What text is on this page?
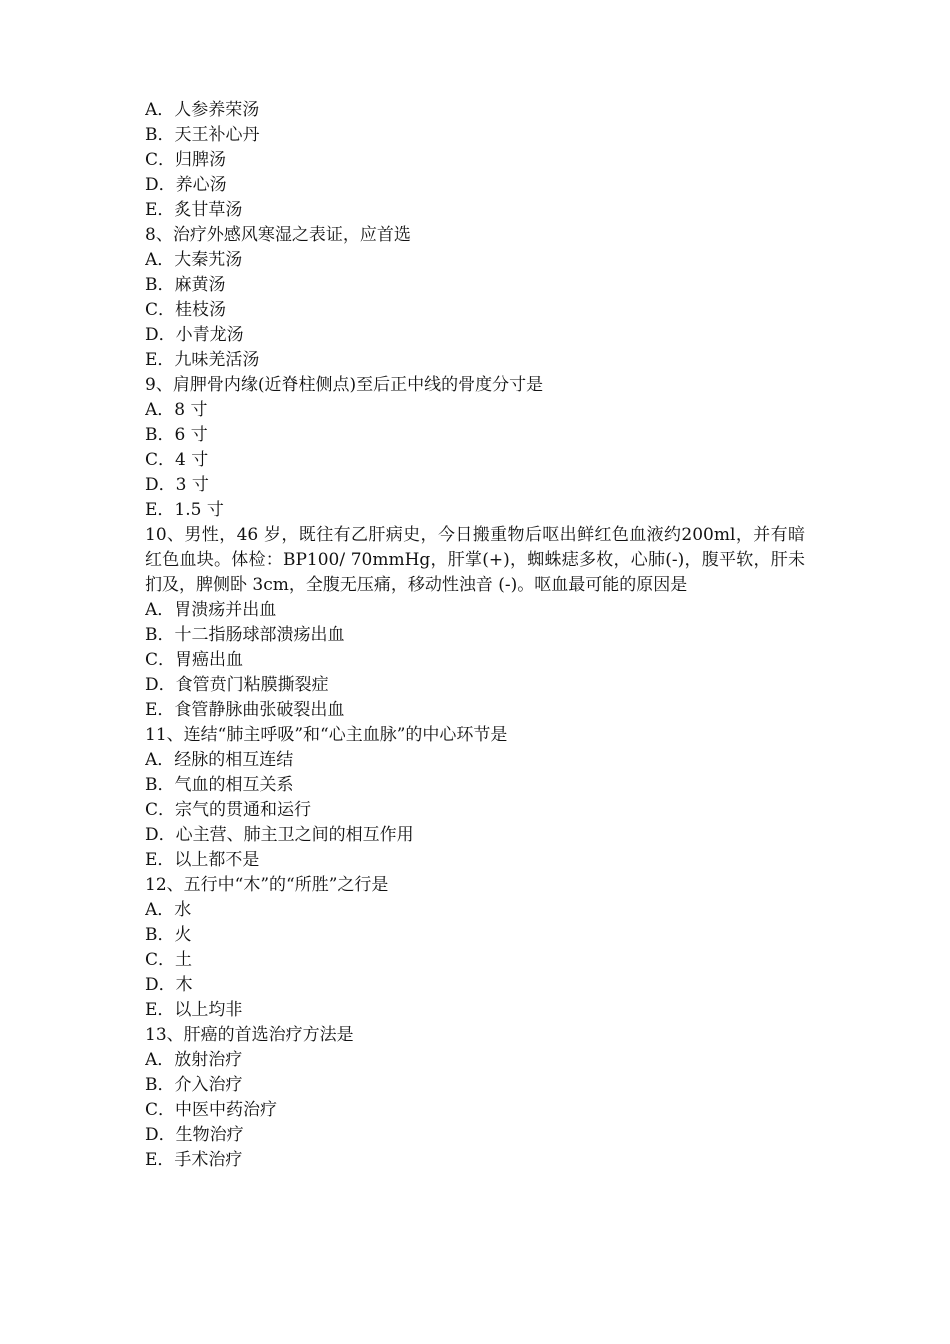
A．人参养荣汤
B．天王补心丹
C．归脾汤
D．养心汤
E．炙甘草汤
8、治疗外感风寒湿之表证，应首选
A．大秦艽汤
B．麻黄汤
C．桂枝汤
D．小青龙汤
E．九味羌活汤
9、肩胛骨内缘(近脊柱侧点)至后正中线的骨度分寸是
A．8 寸
B．6 寸
C．4 寸
D．3 寸
E．1.5 寸
10、男性，46 岁，既往有乙肝病史，今日搬重物后呕出鲜红色血液约200ml，并有暗红色血块。体检：BP100/ 70mmHg，肝掌(+)，蜘蛛痣多枚，心肺(-)，腹平软，肝未扪及，脾侧卧 3cm，全腹无压痛，移动性浊音 (-)。呕血最可能的原因是
A．胃溃疡并出血
B．十二指肠球部溃疡出血
C．胃癌出血
D．食管贲门粘膜撕裂症
E．食管静脉曲张破裂出血
11、连结“肺主呼吸”和“心主血脉”的中心环节是
A．经脉的相互连结
B．气血的相互关系
C．宗气的贯通和运行
D．心主营、肺主卫之间的相互作用
E．以上都不是
12、五行中“木”的“所胜”之行是
A．水
B．火
C．土
D．木
E．以上均非
13、肝癌的首选治疗方法是
A．放射治疗
B．介入治疗
C．中医中药治疗
D．生物治疗
E．手术治疗
